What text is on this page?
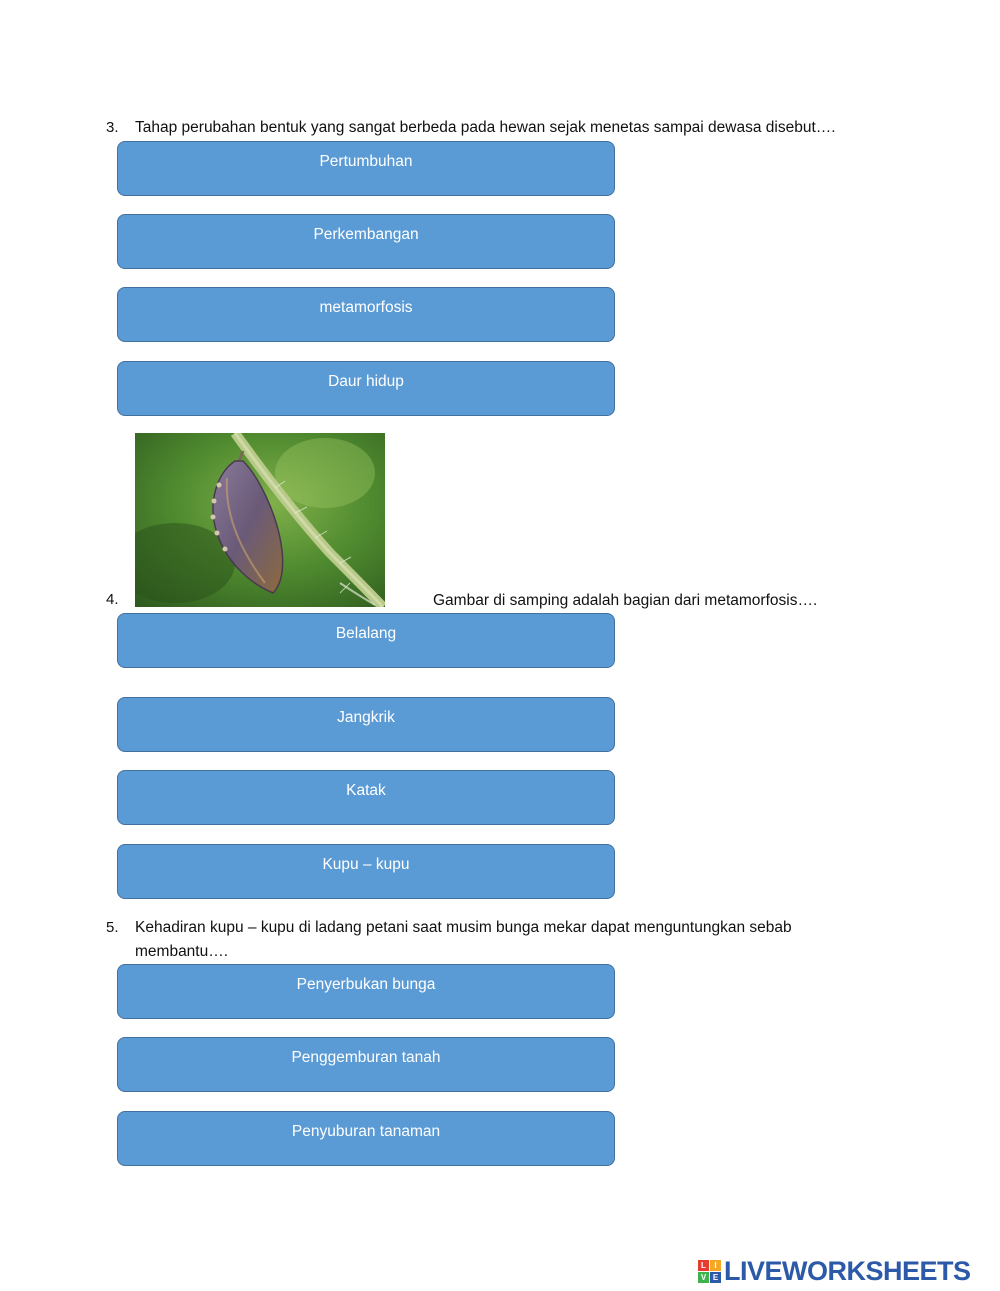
3. Tahap perubahan bentuk yang sangat berbeda pada hewan sejak menetas sampai dewasa disebut….
Pertumbuhan
Perkembangan
metamorfosis
Daur hidup
4.	Gambar di samping adalah bagian dari metamorfosis….
Belalang
Jangkrik
Katak
Kupu – kupu
5. Kehadiran kupu – kupu di ladang petani saat musim bunga mekar dapat menguntungkan sebab
membantu….
Penyerbukan bunga
Penggemburan tanah
Penyuburan tanaman
L	I
V E LIVEWORKSHEETS
